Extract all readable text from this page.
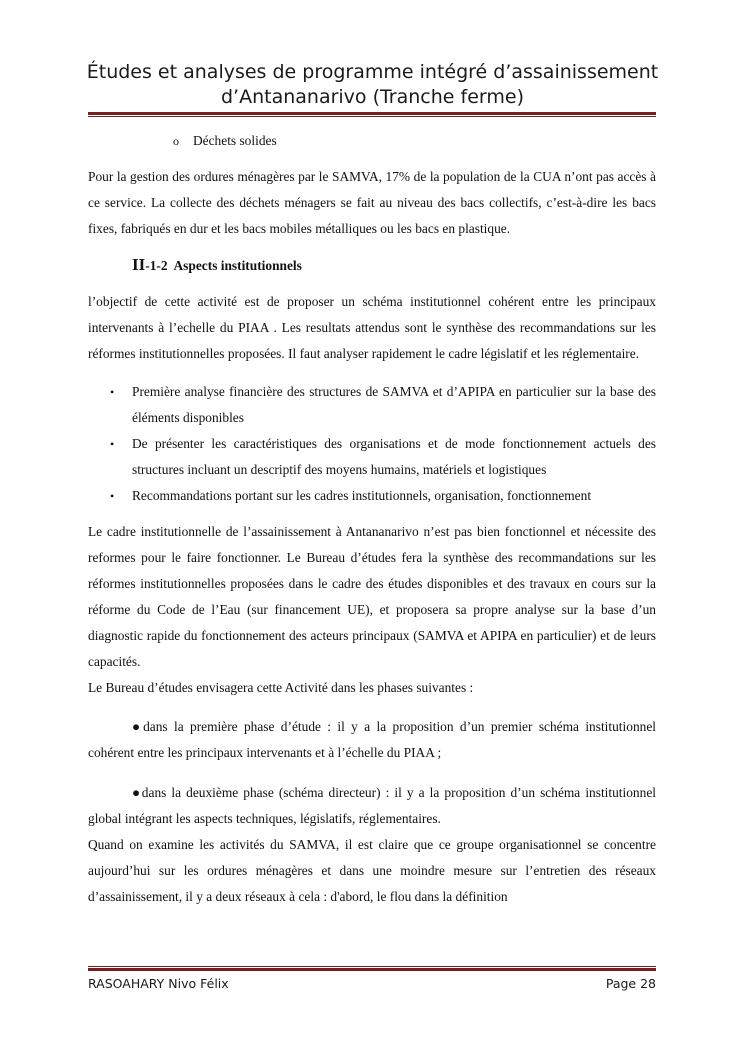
Études et analyses de programme intégré d’assainissement
d’Antananarivo (Tranche ferme)
o Déchets solides

Pour la gestion des ordures ménagères par le SAMVA, 17% de la population de la CUA n’ont pas accès à ce service. La collecte des déchets ménagers se fait au niveau des bacs collectifs, c’est-à-dire les bacs fixes, fabriqués en dur et les bacs mobiles métalliques ou les bacs en plastique.

II-1-2 Aspects institutionnels

l’objectif de cette activité est de proposer un schéma institutionnel cohérent entre les principaux intervenants à l’echelle du PIAA . Les resultats attendus sont le synthèse des recommandations sur les réformes institutionnelles proposées. Il faut analyser rapidement le cadre législatif et les réglementaire.

• Première analyse financière des structures de SAMVA et d’APIPA en particulier sur la base des éléments disponibles
• De présenter les caractéristiques des organisations et de mode fonctionnement actuels des structures incluant un descriptif des moyens humains, matériels et logistiques
• Recommandations portant sur les cadres institutionnels, organisation, fonctionnement

Le cadre institutionnelle de l’assainissement à Antananarivo n’est pas bien fonctionnel et nécessite des reformes pour le faire fonctionner. Le Bureau d’études fera la synthèse des recommandations sur les réformes institutionnelles proposées dans le cadre des études disponibles et des travaux en cours sur la réforme du Code de l’Eau (sur financement UE), et proposera sa propre analyse sur la base d’un diagnostic rapide du fonctionnement des acteurs principaux (SAMVA et APIPA en particulier) et de leurs capacités.

Le Bureau d’études envisagera cette Activité dans les phases suivantes :

●dans la première phase d’étude : il y a la proposition d’un premier schéma institutionnel cohérent entre les principaux intervenants et à l’échelle du PIAA ;

●dans la deuxième phase (schéma directeur) : il y a la proposition d’un schéma institutionnel global intégrant les aspects techniques, législatifs, réglementaires.

Quand on examine les activités du SAMVA, il est claire que ce groupe organisationnel se concentre aujourd’hui sur les ordures ménagères et dans une moindre mesure sur l’entretien des réseaux d’assainissement, il y a deux réseaux à cela : d'abord, le flou dans la définition

RASOAHARY Nivo Félix	Page 28
